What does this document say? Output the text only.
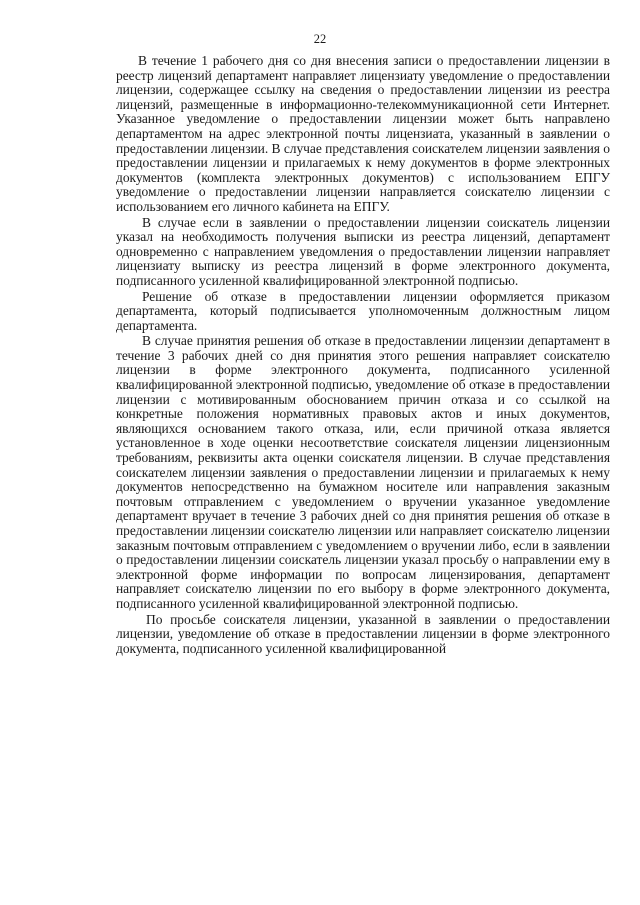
22

В течение 1 рабочего дня со дня внесения записи о предоставлении лицензии в реестр лицензий департамент направляет лицензиату уведомление о предоставлении лицензии, содержащее ссылку на сведения о предоставлении лицензии из реестра лицензий, размещенные в информационно-телекоммуникационной сети Интернет. Указанное уведомление о предоставлении лицензии может быть направлено департаментом на адрес электронной почты лицензиата, указанный в заявлении о предоставлении лицензии. В случае представления соискателем лицензии заявления о предоставлении лицензии и прилагаемых к нему документов в форме электронных документов (комплекта электронных документов) с использованием ЕПГУ уведомление о предоставлении лицензии направляется соискателю лицензии с использованием его личного кабинета на ЕПГУ.

В случае если в заявлении о предоставлении лицензии соискатель лицензии указал на необходимость получения выписки из реестра лицензий, департамент одновременно с направлением уведомления о предоставлении лицензии направляет лицензиату выписку из реестра лицензий в форме электронного документа, подписанного усиленной квалифицированной электронной подписью.

Решение об отказе в предоставлении лицензии оформляется приказом департамента, который подписывается уполномоченным должностным лицом департамента.

В случае принятия решения об отказе в предоставлении лицензии департамент в течение 3 рабочих дней со дня принятия этого решения направляет соискателю лицензии в форме электронного документа, подписанного усиленной квалифицированной электронной подписью, уведомление об отказе в предоставлении лицензии с мотивированным обоснованием причин отказа и со ссылкой на конкретные положения нормативных правовых актов и иных документов, являющихся основанием такого отказа, или, если причиной отказа является установленное в ходе оценки несоответствие соискателя лицензии лицензионным требованиям, реквизиты акта оценки соискателя лицензии. В случае представления соискателем лицензии заявления о предоставлении лицензии и прилагаемых к нему документов непосредственно на бумажном носителе или направления заказным почтовым отправлением с уведомлением о вручении указанное уведомление департамент вручает в течение 3 рабочих дней со дня принятия решения об отказе в предоставлении лицензии соискателю лицензии или направляет соискателю лицензии заказным почтовым отправлением с уведомлением о вручении либо, если в заявлении о предоставлении лицензии соискатель лицензии указал просьбу о направлении ему в электронной форме информации по вопросам лицензирования, департамент направляет соискателю лицензии по его выбору в форме электронного документа, подписанного усиленной квалифицированной электронной подписью.

По просьбе соискателя лицензии, указанной в заявлении о предоставлении лицензии, уведомление об отказе в предоставлении лицензии в форме электронного документа, подписанного усиленной квалифицированной
